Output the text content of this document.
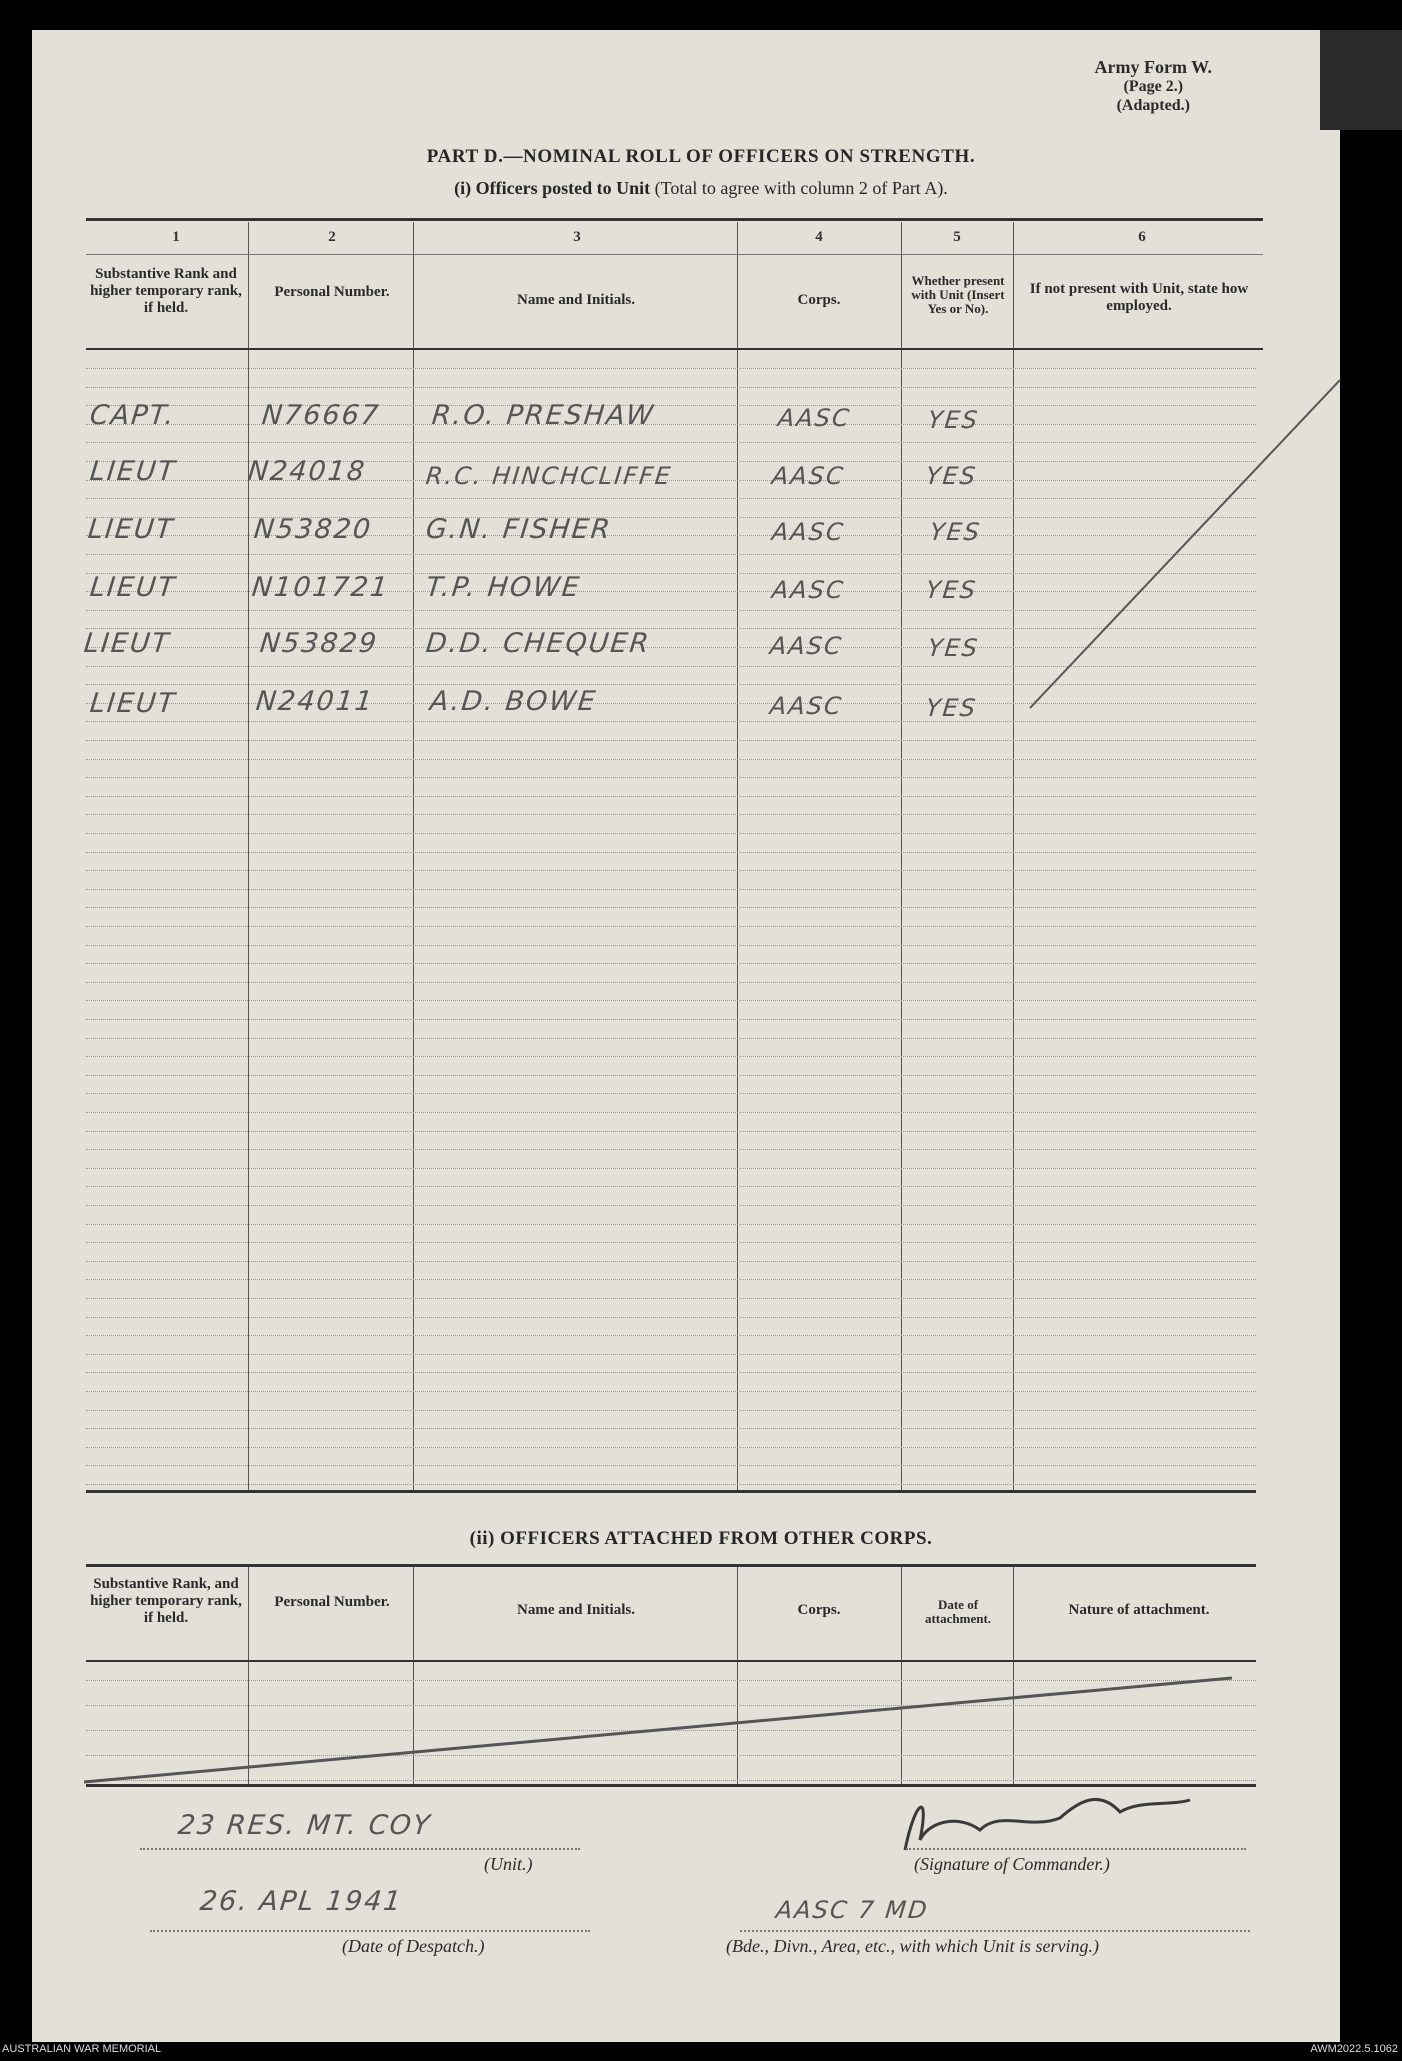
Army Form W.
(Page 2.)
(Adapted.)
PART D.—NOMINAL ROLL OF OFFICERS ON STRENGTH.
(i) Officers posted to Unit (Total to agree with column 2 of Part A).
1	2	3	4	5	6
Substantive Rank and higher temporary rank, if held.
Personal Number.	Name and Initials.	Corps.
Whether present with Unit (Insert Yes or No).
If not present with Unit, state how employed.
CAPT.	N76667 R.O. PRESHAW	AASC	YES
LIEUT	N24018 R.C. HINCHCLIFFE	AASC	YES
LIEUT	N53820 G.N. FISHER	AASC	YES
LIEUT	N101721 T.P. HOWE	AASC	YES
LIEUT	N53829 D.D. CHEQUER	AASC	YES
LIEUT	N24011 A.D. BOWE	AASC	YES
(ii) OFFICERS ATTACHED FROM OTHER CORPS.
Substantive Rank, and higher temporary rank, if held.
Personal Number.	Name and Initials.	Corps.	Date of attachment.
Nature of attachment.
23 RES. MT. COY
(Unit.)	(Signature of Commander.)
26. APL 1941
(Date of Despatch.)
AASC 7 MD
(Bde., Divn., Area, etc., with which Unit is serving.)
AUSTRALIAN WAR MEMORIAL	AWM2022.5.1062
